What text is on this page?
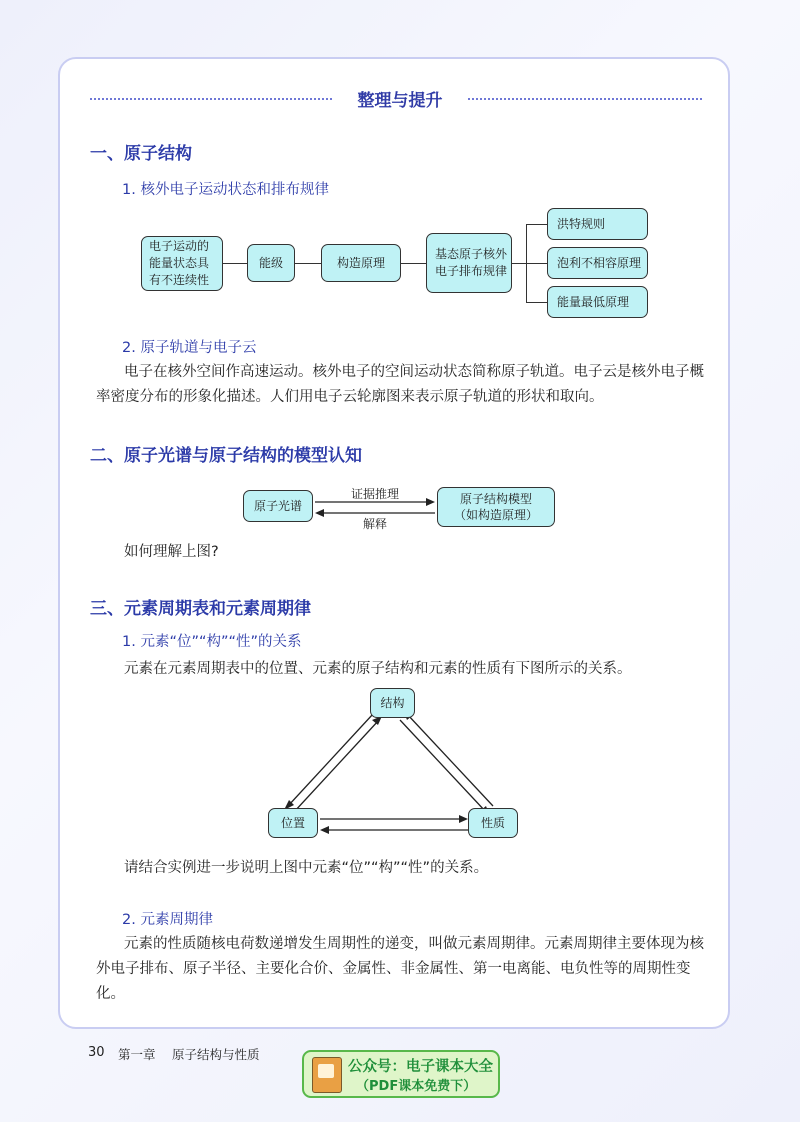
整理与提升
一、原子结构
1. 核外电子运动状态和排布规律
电子运动的能量状态具有不连续性
能级	构造原理
基态原子核外电子排布规律
洪特规则
泡利不相容原理
能量最低原理
2. 原子轨道与电子云
电子在核外空间作高速运动。核外电子的空间运动状态简称原子轨道。电子云是核外电子概率密度分布的形象化描述。人们用电子云轮廓图来表示原子轨道的形状和取向。
二、原子光谱与原子结构的模型认知
原子光谱	原子结构模型
（如构造原理）
证据推理
解释
如何理解上图?
三、元素周期表和元素周期律
1. 元素“位”“构”“性”的关系
元素在元素周期表中的位置、元素的原子结构和元素的性质有下图所示的关系。
结构
位置	性质
请结合实例进一步说明上图中元素“位”“构”“性”的关系。
2. 元素周期律
元素的性质随核电荷数递增发生周期性的递变，叫做元素周期律。元素周期律主要体现为核外电子排布、原子半径、主要化合价、金属性、非金属性、第一电离能、电负性等的周期性变化。
30 第一章 原子结构与性质
公众号：电子课本大全
（PDF课本免费下）
